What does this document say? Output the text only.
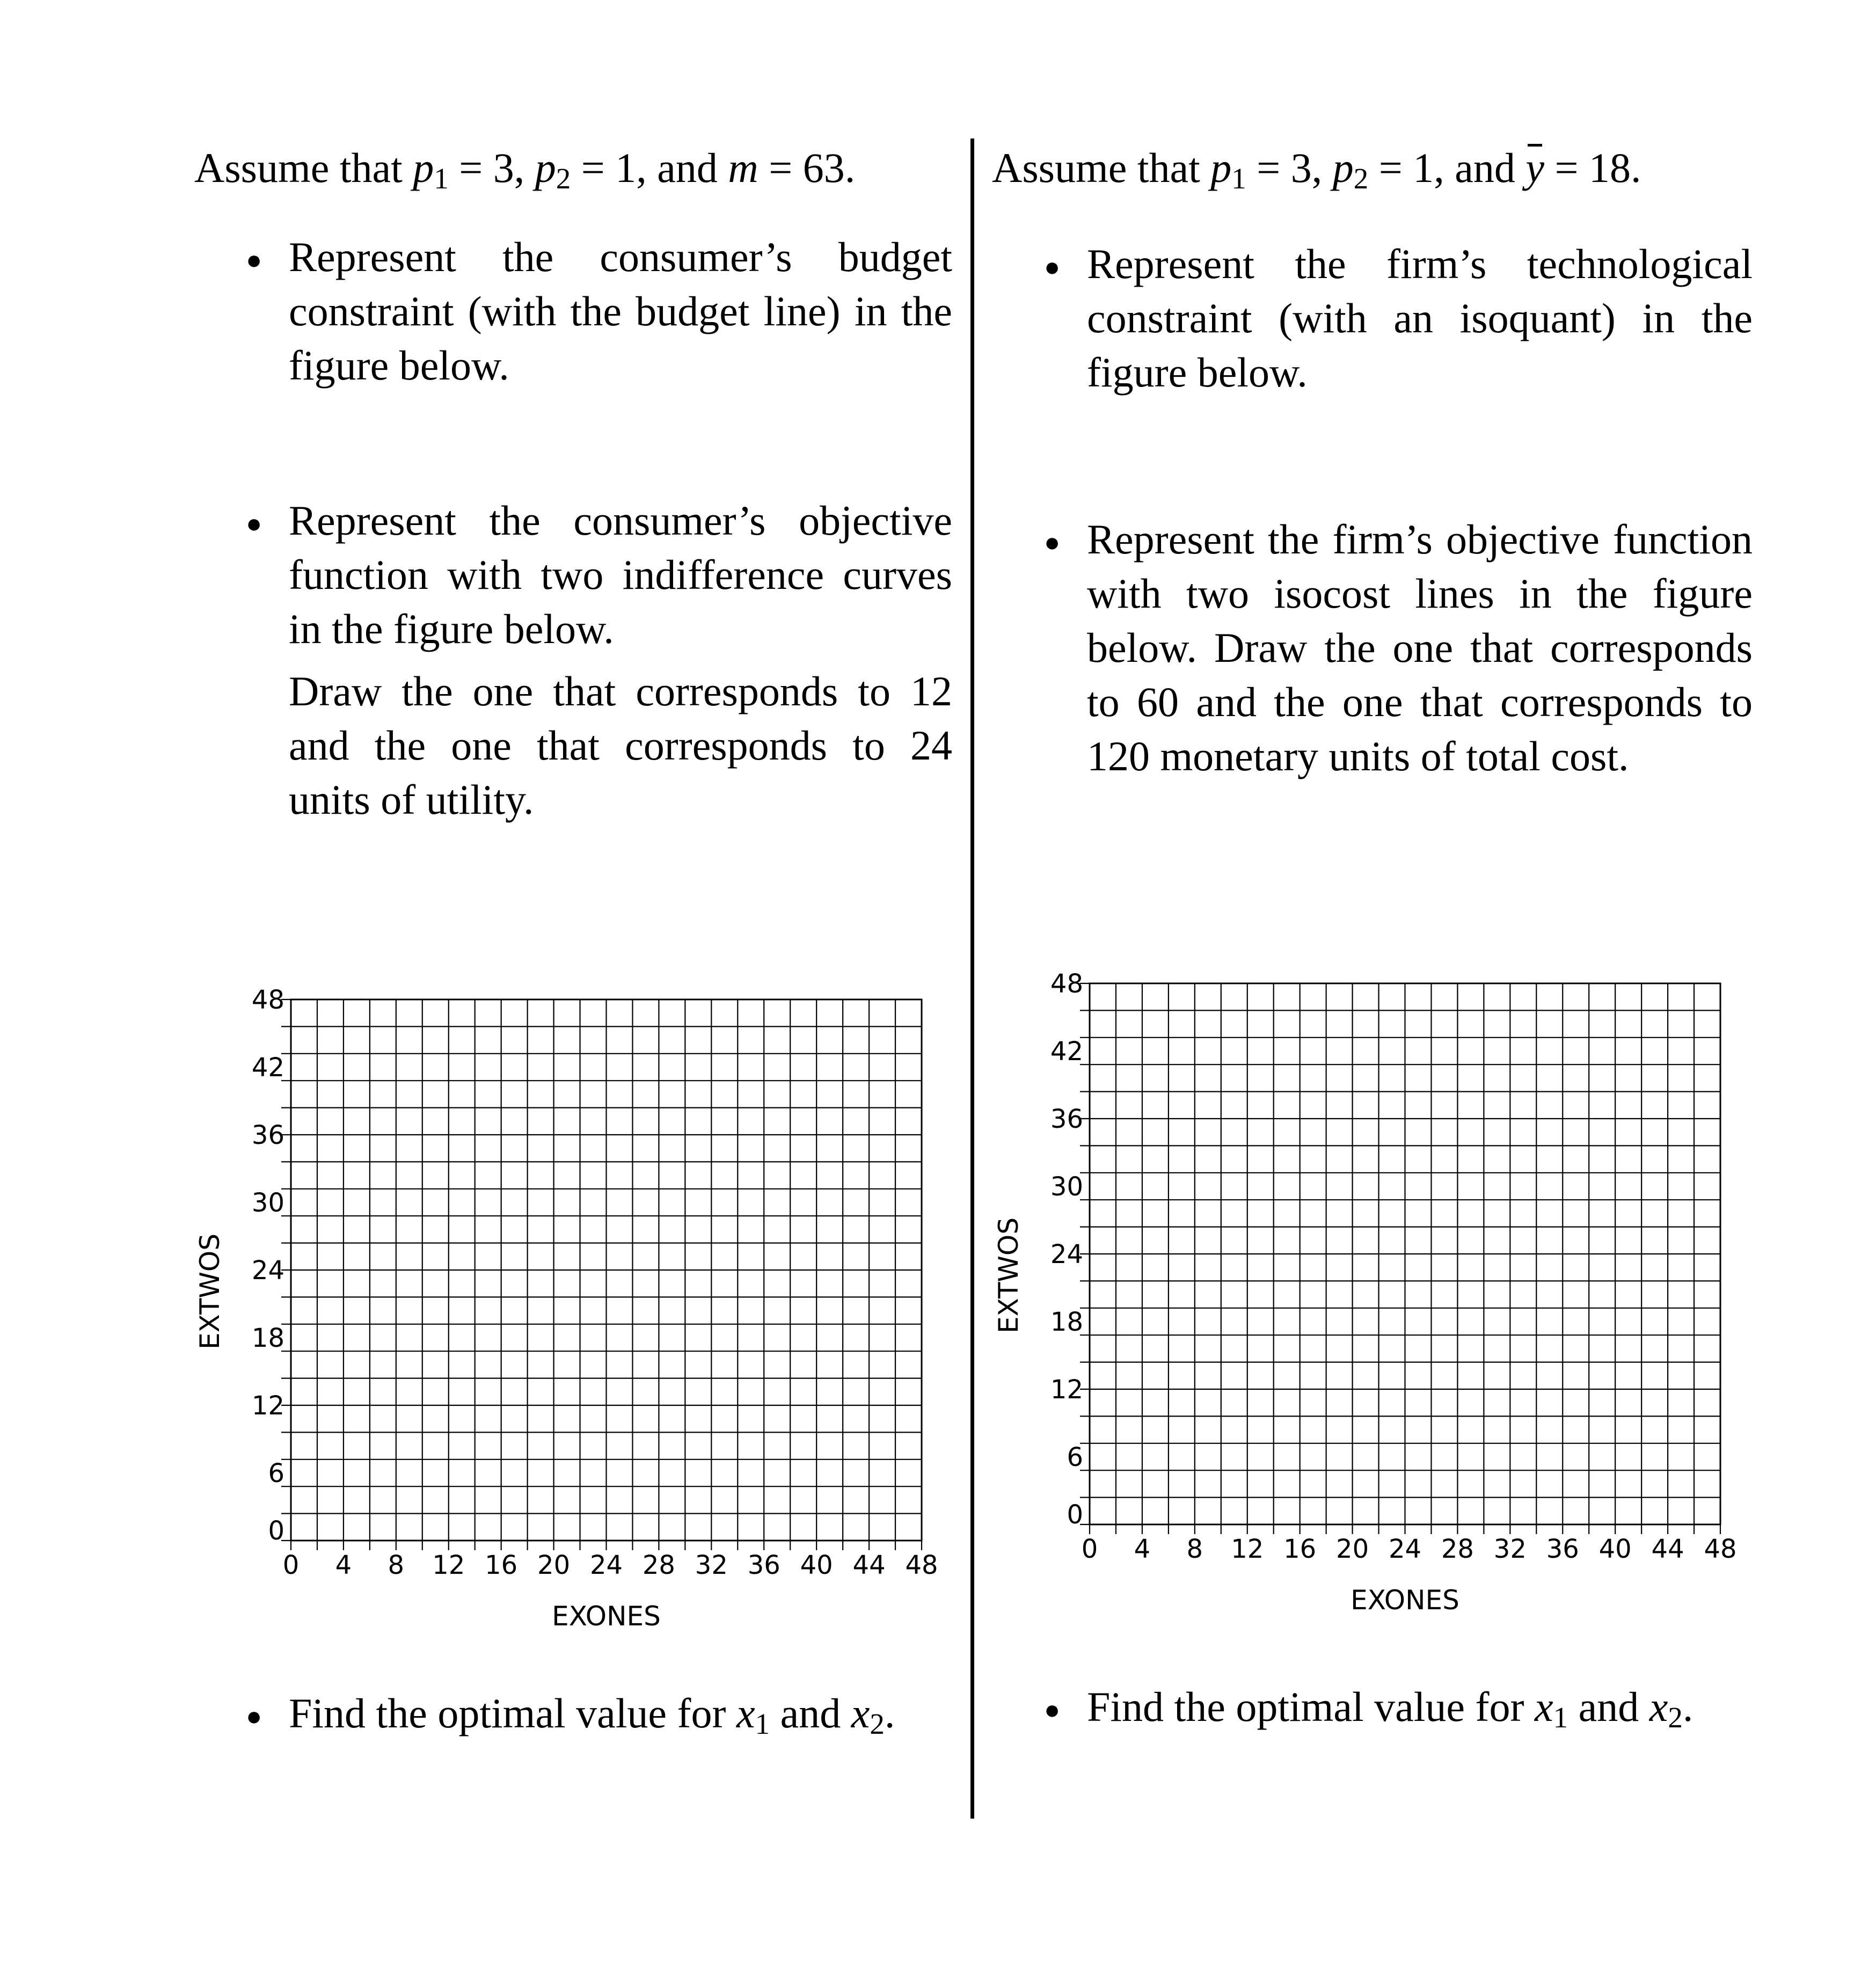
Assume that $p_1 = 3$, $p_2 = 1$, and m = 63.
● Represent the consumer’s budget constraint (with the budget line) in the figure below.

● Represent the consumer’s objective function with two indifference curves in the figure below.

Draw the one that corresponds to 12 and the one that corresponds to 24 units of utility.

0 4 8 12 16 20 24 28 32 36 40 44 48
0
6
12
18
24
30
36
42
48
EXONES
EXTWOS
● Find the optimal value for $x_1$ and $x_2$.
Assume that $p_1 = 3$, $p_2 = 1$, and y = 18.
● Represent the firm’s technological constraint (with an isoquant) in the figure below.

● Represent the firm’s objective function with two isocost lines in the figure below. Draw the one that corresponds to 60 and the one that corresponds to 120 monetary units of total cost.

0 4 8 12 16 20 24 28 32 36 40 44 48
0
6
12
18
24
30
36
42
48
EXONES
EXTWOS
● Find the optimal value for $x_1$ and $x_2$.
